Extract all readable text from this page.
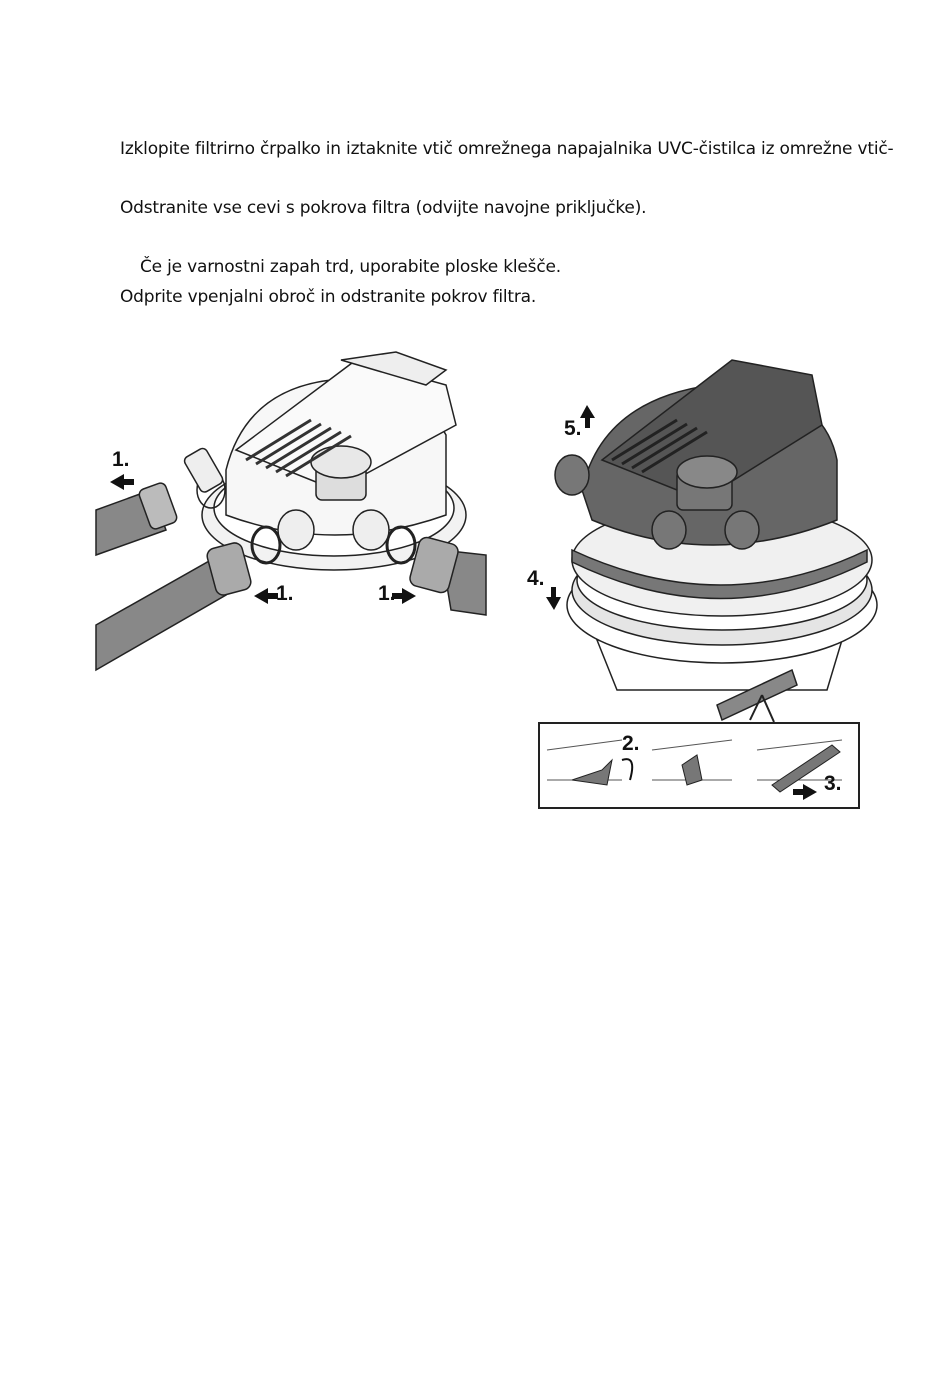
Izklopite filtrirno črpalko in iztaknite vtič omrežnega napajalnika UVC-čistilca iz omrežne vtič-
Odstranite vse cevi s pokrova filtra (odvijte navojne priključke).
Če je varnostni zapah trd, uporabite ploske klešče.
Odprite vpenjalni obroč in odstranite pokrov filtra.
1.
1.	1.
5.
4.
2.
3.
